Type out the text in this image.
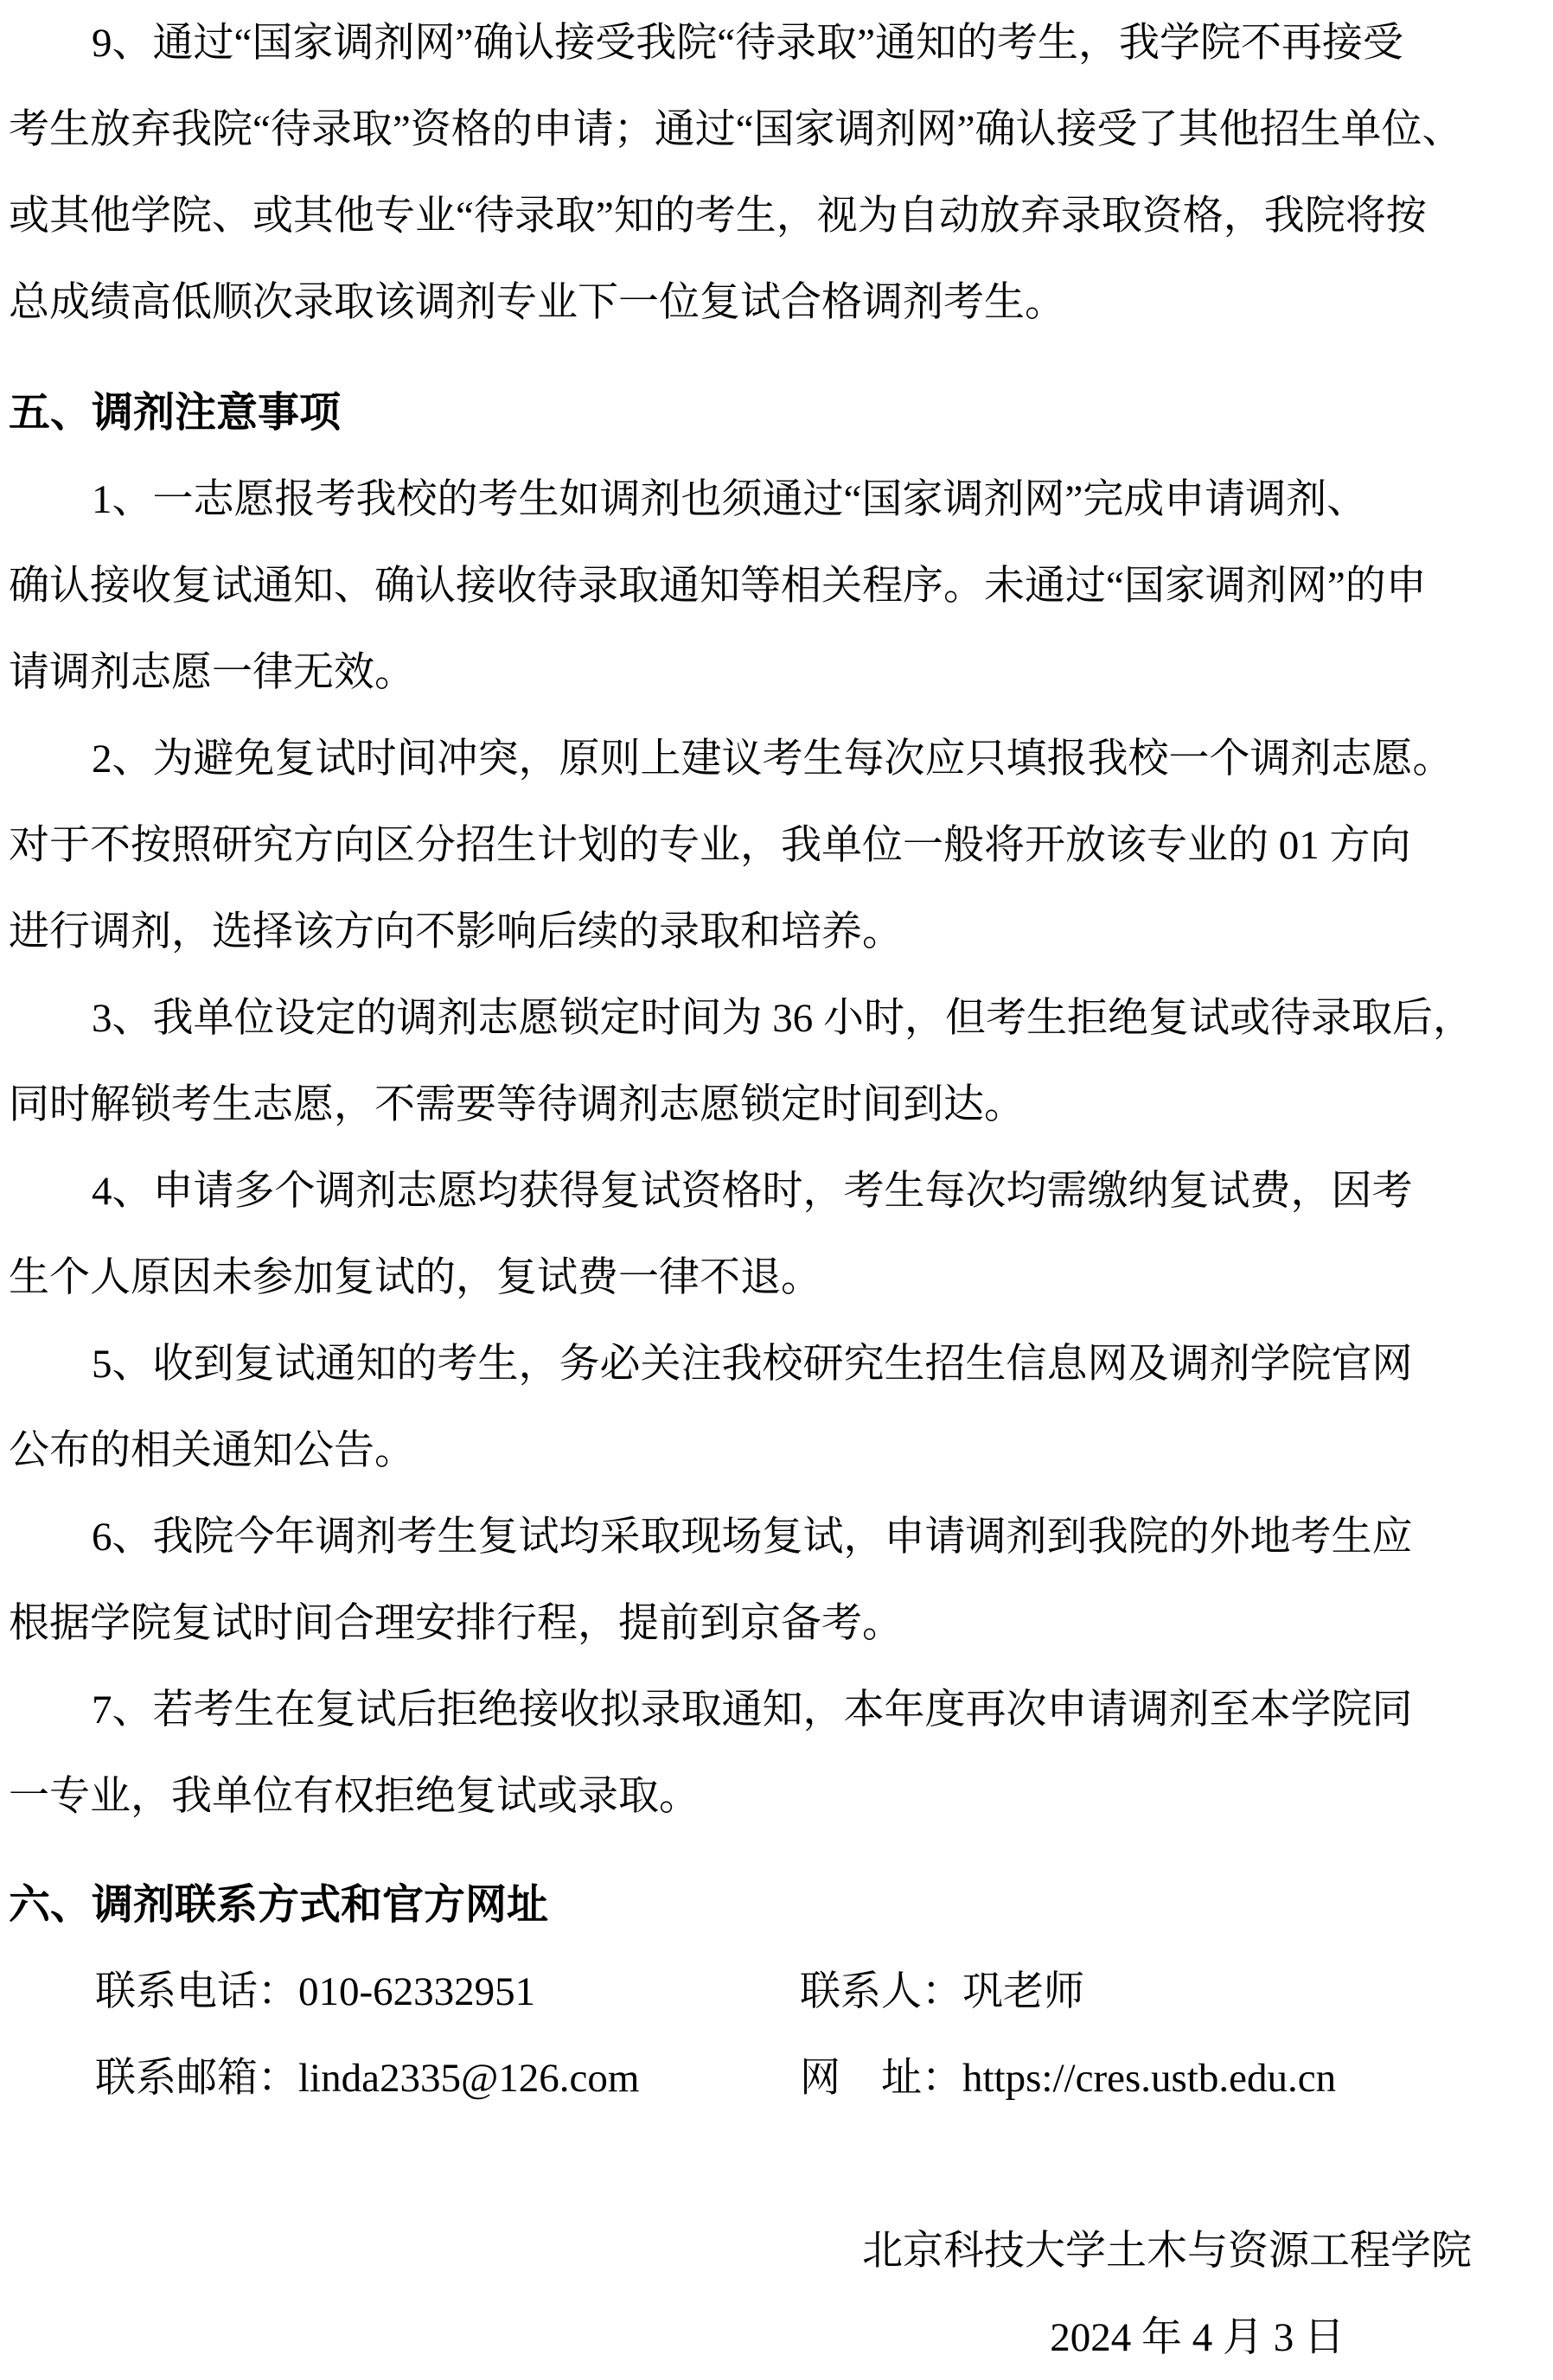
9、通过“国家调剂网”确认接受我院“待录取”通知的考生，我学院不再接受
考生放弃我院“待录取”资格的申请；通过“国家调剂网”确认接受了其他招生单位、
或其他学院、或其他专业“待录取”知的考生，视为自动放弃录取资格，我院将按
总成绩高低顺次录取该调剂专业下一位复试合格调剂考生。
五、调剂注意事项
1、一志愿报考我校的考生如调剂也须通过“国家调剂网”完成申请调剂、
确认接收复试通知、确认接收待录取通知等相关程序。未通过“国家调剂网”的申
请调剂志愿一律无效。
2、为避免复试时间冲突，原则上建议考生每次应只填报我校一个调剂志愿。
对于不按照研究方向区分招生计划的专业，我单位一般将开放该专业的 01 方向
进行调剂，选择该方向不影响后续的录取和培养。
3、我单位设定的调剂志愿锁定时间为 36 小时，但考生拒绝复试或待录取后，
同时解锁考生志愿，不需要等待调剂志愿锁定时间到达。
4、申请多个调剂志愿均获得复试资格时，考生每次均需缴纳复试费，因考
生个人原因未参加复试的，复试费一律不退。
5、收到复试通知的考生，务必关注我校研究生招生信息网及调剂学院官网
公布的相关通知公告。
6、我院今年调剂考生复试均采取现场复试，申请调剂到我院的外地考生应
根据学院复试时间合理安排行程，提前到京备考。
7、若考生在复试后拒绝接收拟录取通知，本年度再次申请调剂至本学院同
一专业，我单位有权拒绝复试或录取。
六、调剂联系方式和官方网址
联系电话：010-62332951	联系人：巩老师
联系邮箱：linda2335@126.com	网　址：https://cres.ustb.edu.cn
北京科技大学土木与资源工程学院
2024 年 4 月 3 日
